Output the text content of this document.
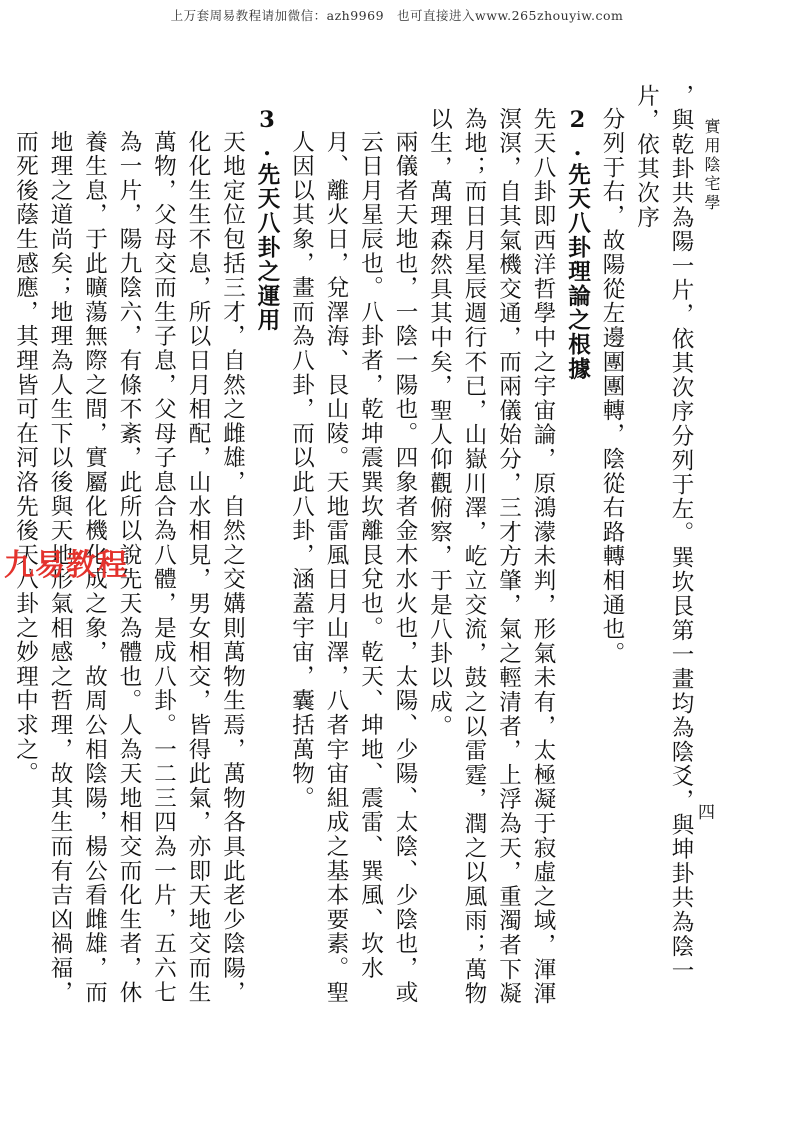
上万套周易教程请加微信：azh9969　也可直接进入www.265zhouyiw.com
實用陰宅學
四

，與乾卦共為陽一片，依其次序分列于左。巽坎艮第一畫均為陰爻，與坤卦共為陰一片，依其次序

分列于右，故陽從左邊團團轉，陰從右路轉相通也。

2.先天八卦理論之根據

先天八卦即西洋哲學中之宇宙論，原鴻濛未判，形氣未有，太極凝于寂虛之域，渾渾溟溟，自其氣機交通，而兩儀始分，三才方肇，氣之輕清者，上浮為天，重濁者下凝為地；而日月星辰週行不已，山嶽川澤，屹立交流，鼓之以雷霆，潤之以風雨；萬物以生，萬理森然具其中矣，聖人仰觀俯察，于是八卦以成。

兩儀者天地也，一陰一陽也。四象者金木水火也，太陽、少陽、太陰、少陰也，或云日月星辰也。八卦者，乾坤震巽坎離艮兌也。乾天、坤地、震雷、巽風、坎水月、離火日，兌澤海、艮山陵。天地雷風日月山澤，八者宇宙組成之基本要素。聖人因以其象，畫而為八卦，而以此八卦，涵蓋宇宙，囊括萬物。

3.先天八卦之運用

天地定位包括三才，自然之雌雄，自然之交媾則萬物生焉，萬物各具此老少陰陽，化化生生不息，所以日月相配，山水相見，男女相交，皆得此氣，亦即天地交而生萬物，父母交而生子息，父母子息合為八體，是成八卦。一二三四為一片，五六七為一片，陽九陰六，有條不紊，此所以說先天為體也。人為天地相交而化生者，休養生息，于此曠蕩無際之間，實屬化機化成之象，故周公相陰陽，楊公看雌雄，而地理之道尚矣；地理為人生下以後與天地形氣相感之哲理，故其生而有吉凶禍福，而死後蔭生感應，其理皆可在河洛先後天八卦之妙理中求之。

九易教程
